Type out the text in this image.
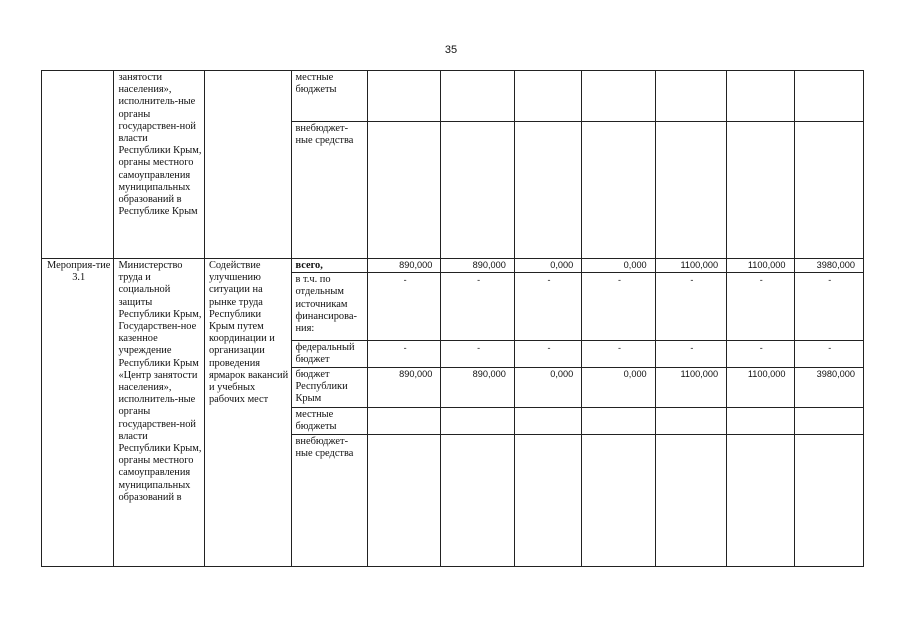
35
	занятости населения», исполнитель-ные органы государствен-ной власти Республики Крым, органы местного самоуправления муниципальных образований в Республике Крым		местные бюджеты							
			внебюджет-ные средства							
Мероприя-тие 3.1	Министерство труда и социальной защиты Республики Крым, Государствен-ное казенное учреждение Республики Крым «Центр занятости населения», исполнитель-ные органы государствен-ной власти Республики Крым, органы местного самоуправления муниципальных образований в	Содействие улучшению ситуации на рынке труда Республики Крым путем координации и организации проведения ярмарок вакансий и учебных рабочих мест	всего,	890,000	890,000	0,000	0,000	1100,000	1100,000	3980,000
			в т.ч. по отдельным источникам финансирова-ния:	-	-	-	-	-	-	-
			федеральный бюджет	-	-	-	-	-	-	-
			бюджет Республики Крым	890,000	890,000	0,000	0,000	1100,000	1100,000	3980,000
			местные бюджеты							
			внебюджет-ные средства							
